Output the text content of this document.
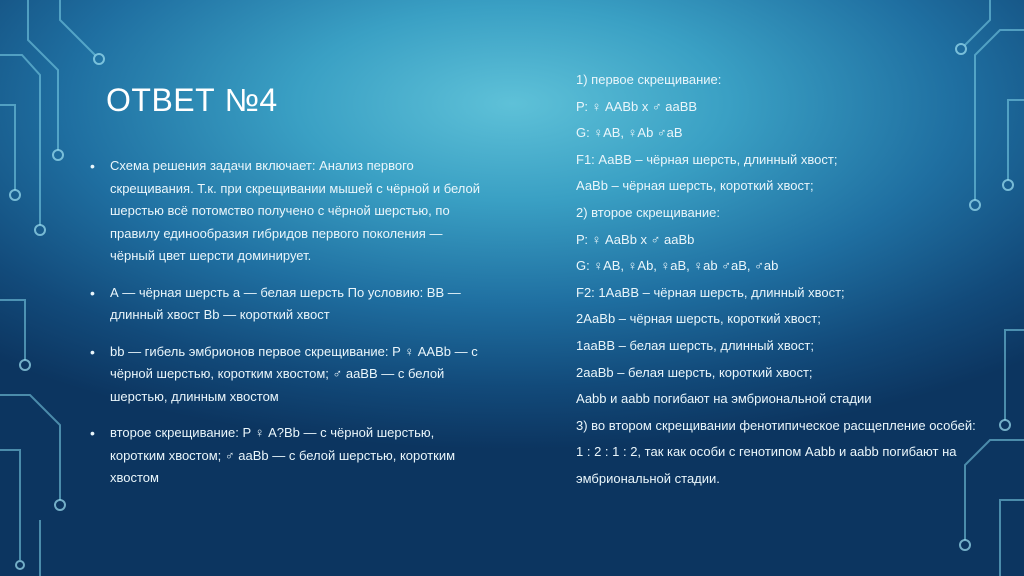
ОТВЕТ №4
• Схема решения задачи включает: Анализ первого скрещивания. Т.к. при скрещивании мышей с чёрной и белой шерстью всё потомство получено с чёрной шерстью, по правилу единообразия гибридов первого поколения — чёрный цвет шерсти доминирует.
• А — чёрная шерсть а — белая шерсть По условию: ВВ — длинный хвост Вb — короткий хвост
• bb — гибель эмбрионов первое скрещивание: Р ♀ ААВb — с чёрной шерстью, коротким хвостом; ♂ ааВВ — с белой шерстью, длинным хвостом
• второе скрещивание: Р ♀ А?Вb — с чёрной шерстью, коротким хвостом; ♂ ааВb — с белой шерстью, коротким хвостом
1) первое скрещивание:
Р: ♀ ААВb х ♂ ааВВ
G: ♀АВ, ♀Аb ♂аВ
F1: АаВВ – чёрная шерсть, длинный хвост;
АаВb – чёрная шерсть, короткий хвост;
2) второе скрещивание:
Р: ♀ АаВb х ♂ ааВb
G: ♀АВ, ♀Аb, ♀аВ, ♀аb ♂аВ, ♂аb
F2: 1АаВВ – чёрная шерсть, длинный хвост;
2АаВb – чёрная шерсть, короткий хвост;
1ааВВ – белая шерсть, длинный хвост;
2ааВb – белая шерсть, короткий хвост;
Ааbb и ааbb погибают на эмбриональной стадии
3) во втором скрещивании фенотипическое расщепление особей:
1 : 2 : 1 : 2, так как особи с генотипом Ааbb и ааbb погибают на
эмбриональной стадии.
